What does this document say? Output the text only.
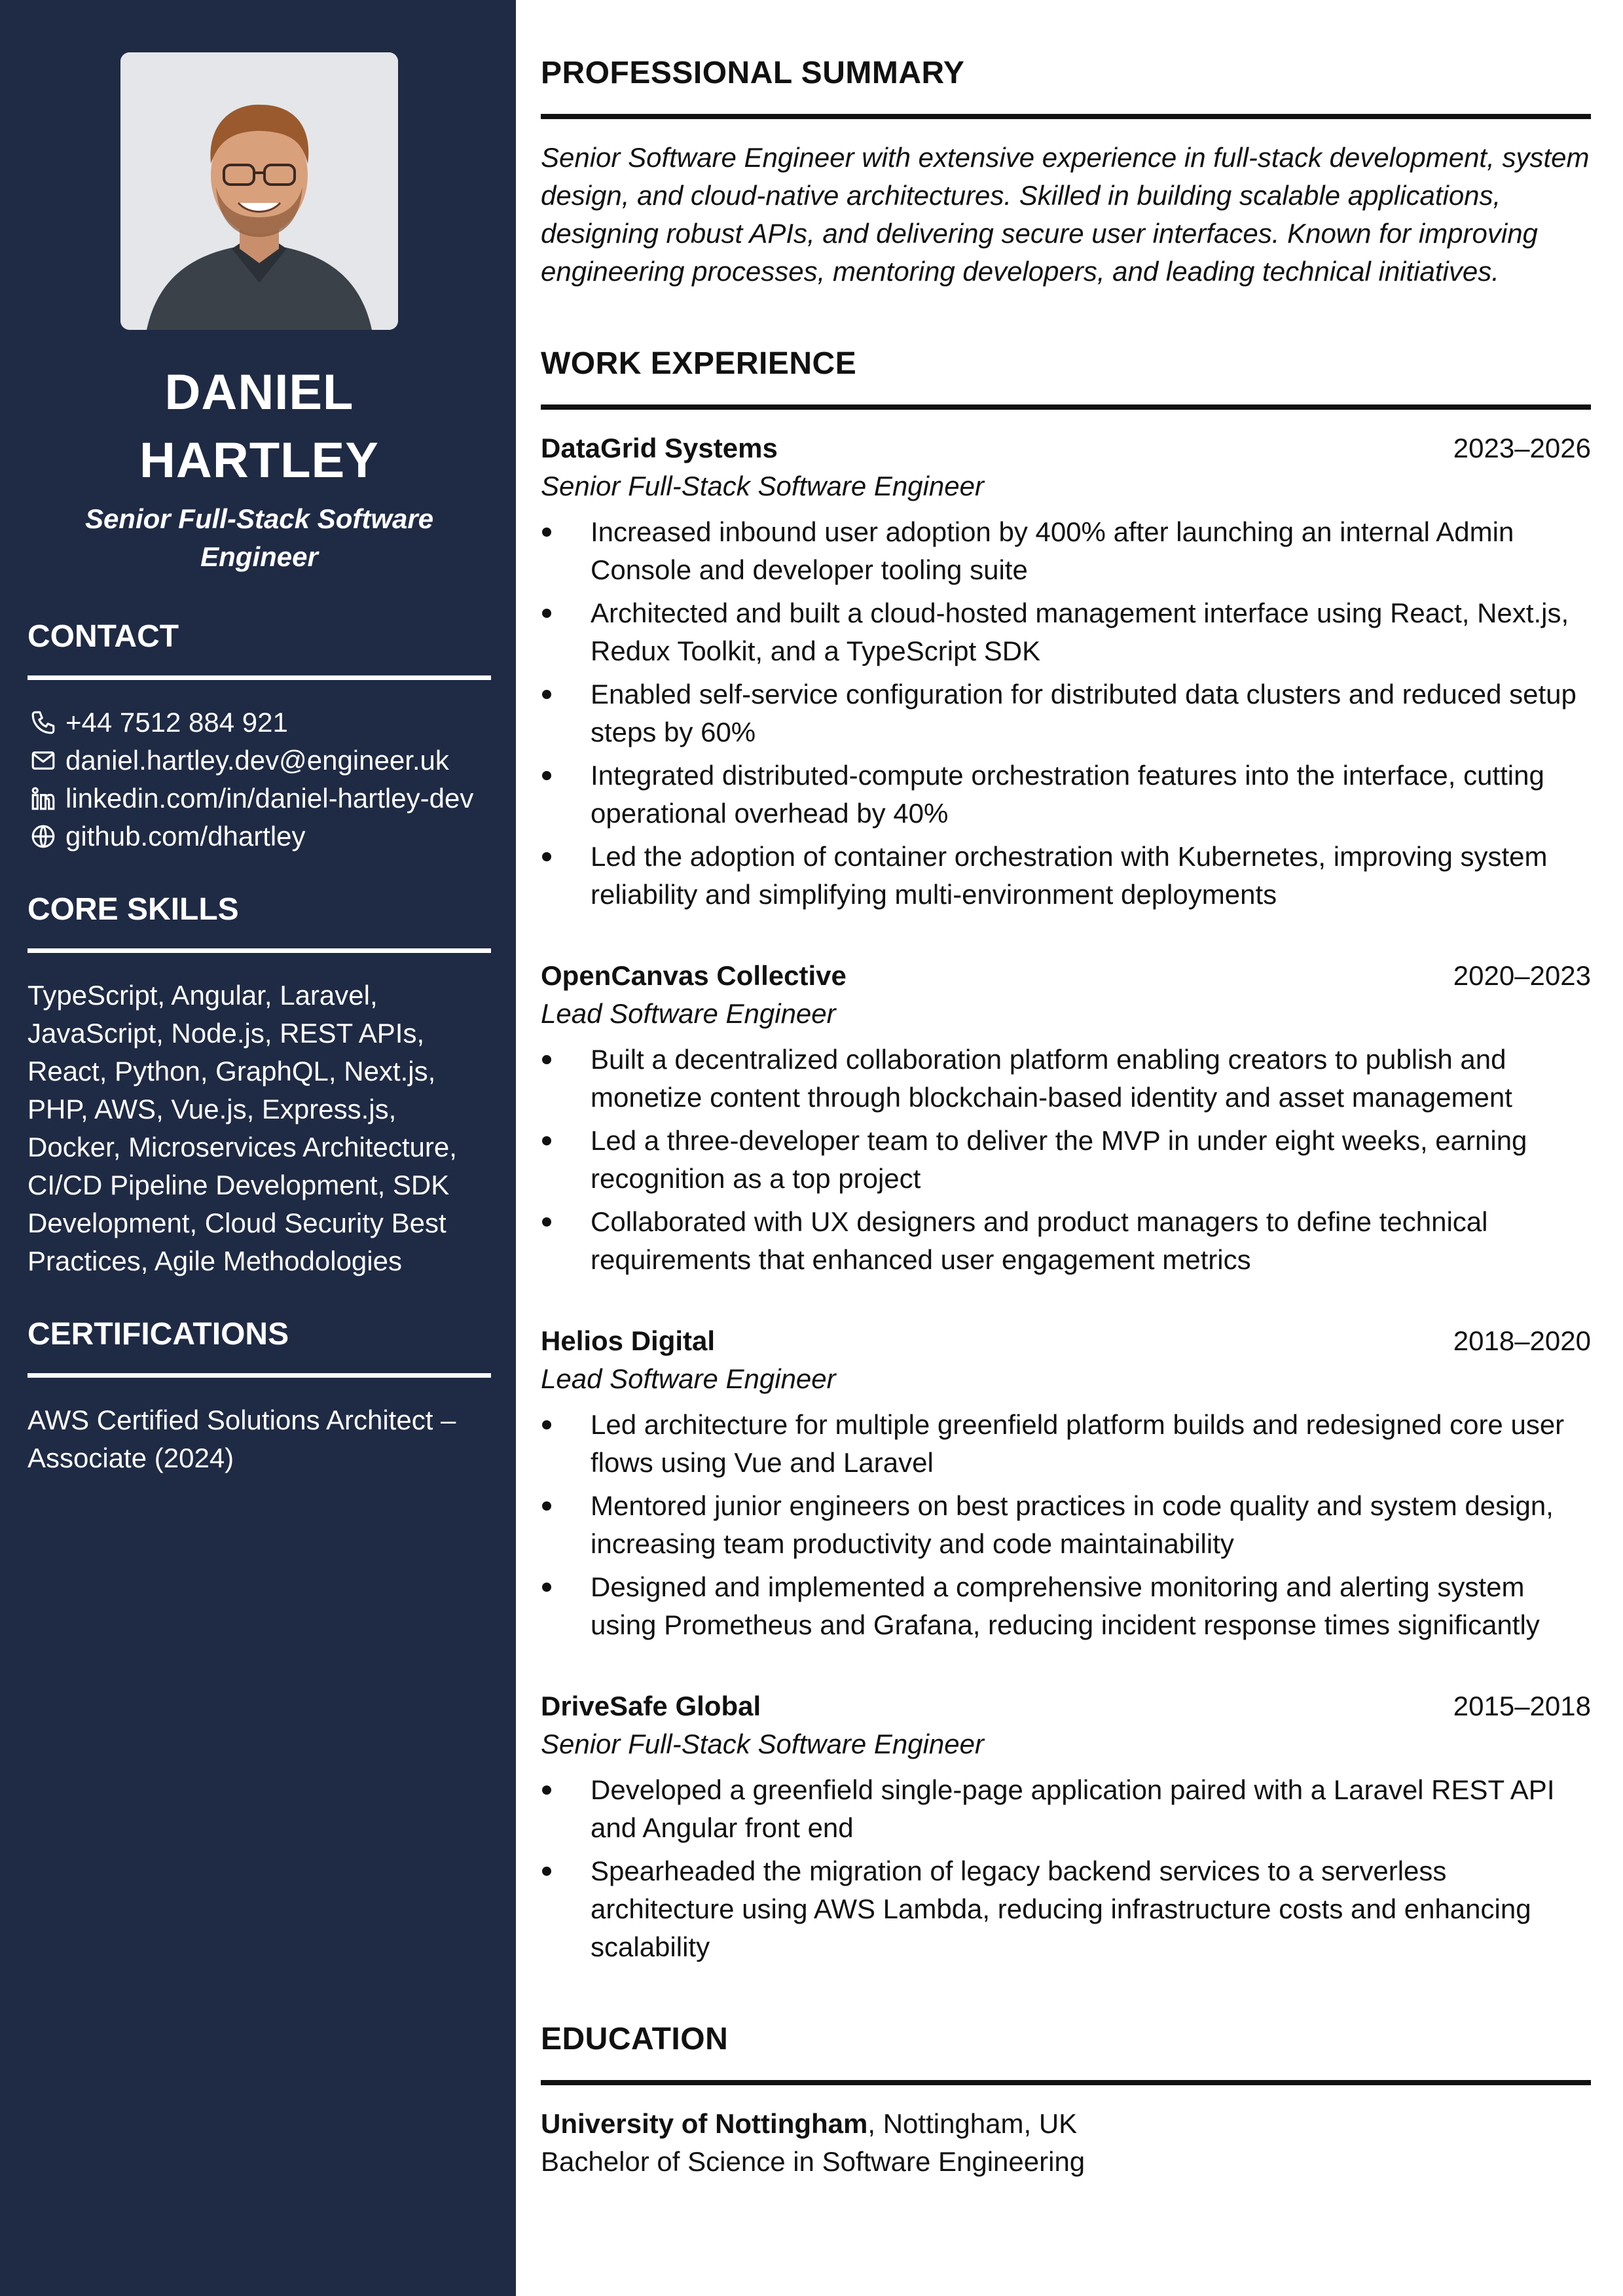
DANIEL
HARTLEY
Senior Full-Stack Software Engineer
CONTACT
+44 7512 884 921
daniel.hartley.dev@engineer.uk
linkedin.com/in/daniel-hartley-dev
github.com/dhartley
CORE SKILLS
TypeScript, Angular, Laravel, JavaScript, Node.js, REST APIs, React, Python, GraphQL, Next.js, PHP, AWS, Vue.js, Express.js, Docker, Microservices Architecture, CI/CD Pipeline Development, SDK Development, Cloud Security Best Practices, Agile Methodologies
CERTIFICATIONS
AWS Certified Solutions Architect – Associate (2024)
PROFESSIONAL SUMMARY

Senior Software Engineer with extensive experience in full-stack development, system design, and cloud-native architectures. Skilled in building scalable applications, designing robust APIs, and delivering secure user interfaces. Known for improving engineering processes, mentoring developers, and leading technical initiatives.

WORK EXPERIENCE
DataGrid Systems	2023–2026
Senior Full-Stack Software Engineer
Increased inbound user adoption by 400% after launching an internal Admin Console and developer tooling suite
Architected and built a cloud-hosted management interface using React, Next.js, Redux Toolkit, and a TypeScript SDK
Enabled self-service configuration for distributed data clusters and reduced setup steps by 60%
Integrated distributed-compute orchestration features into the interface, cutting operational overhead by 40%
Led the adoption of container orchestration with Kubernetes, improving system reliability and simplifying multi-environment deployments
OpenCanvas Collective	2020–2023
Lead Software Engineer
Built a decentralized collaboration platform enabling creators to publish and monetize content through blockchain-based identity and asset management
Led a three-developer team to deliver the MVP in under eight weeks, earning recognition as a top project
Collaborated with UX designers and product managers to define technical requirements that enhanced user engagement metrics
Helios Digital	2018–2020
Lead Software Engineer
Led architecture for multiple greenfield platform builds and redesigned core user flows using Vue and Laravel
Mentored junior engineers on best practices in code quality and system design, increasing team productivity and code maintainability
Designed and implemented a comprehensive monitoring and alerting system using Prometheus and Grafana, reducing incident response times significantly
DriveSafe Global	2015–2018
Senior Full-Stack Software Engineer
Developed a greenfield single-page application paired with a Laravel REST API and Angular front end
Spearheaded the migration of legacy backend services to a serverless architecture using AWS Lambda, reducing infrastructure costs and enhancing scalability
EDUCATION
University of Nottingham, Nottingham, UK
Bachelor of Science in Software Engineering
